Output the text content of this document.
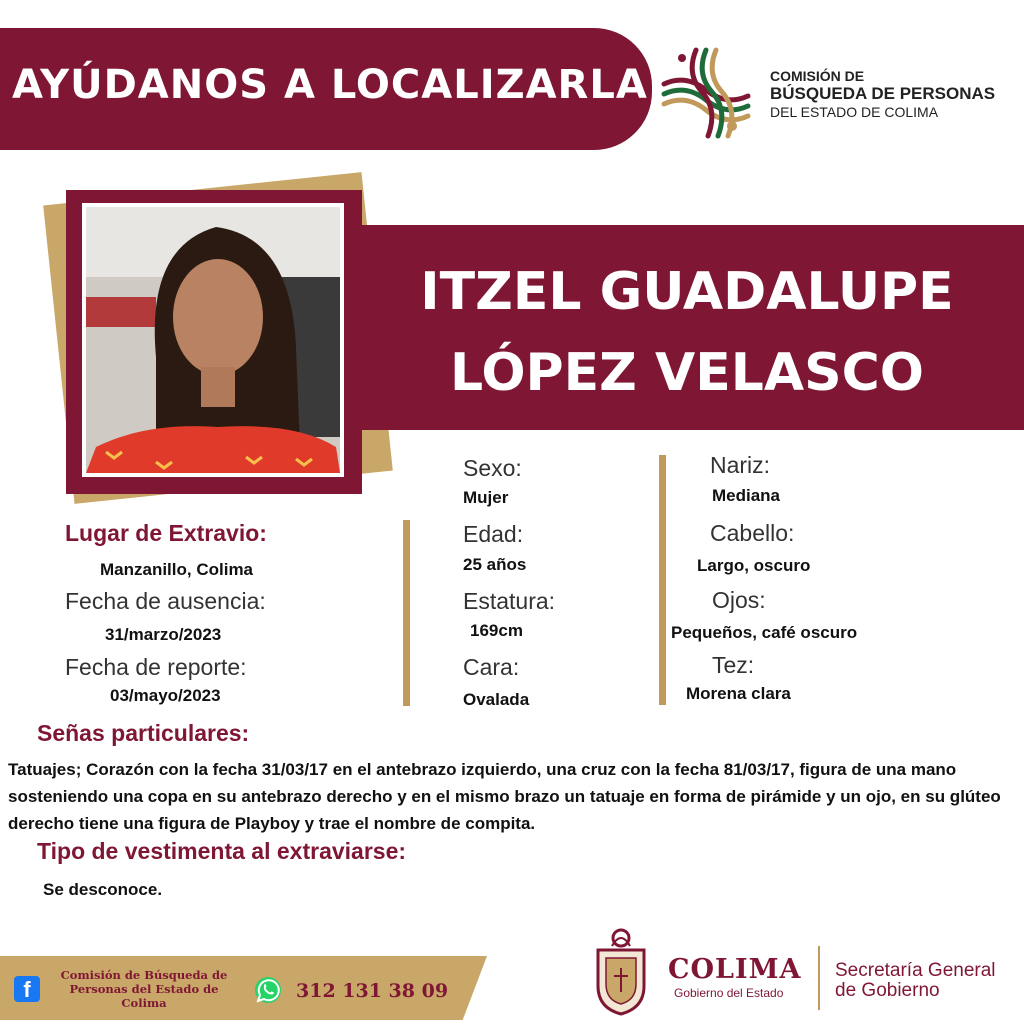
AYÚDANOS A LOCALIZARLA	COMISIÓN DE
BÚSQUEDA DE PERSONAS
DEL ESTADO DE COLIMA
ITZEL GUADALUPE
LÓPEZ VELASCO
Lugar de Extravio:
Manzanillo, Colima
Fecha de ausencia:
31/marzo/2023
Fecha de reporte:
03/mayo/2023
Sexo:
Mujer
Edad:
25 años
Estatura:
169cm
Cara:
Ovalada
Nariz:
Mediana
Cabello:
Largo, oscuro
Ojos:
Pequeños, café oscuro
Tez:
Morena clara
Señas particulares:
Tatuajes; Corazón con la fecha 31/03/17 en el antebrazo izquierdo, una cruz con la fecha 81/03/17, figura de una mano sosteniendo una copa en su antebrazo derecho y en el mismo brazo un tatuaje en forma de pirámide y un ojo, en su glúteo derecho tiene una figura de Playboy y trae el nombre de compita.
Tipo de vestimenta al extraviarse:
Se desconoce.
f
Comisión de Búsqueda de
Personas del Estado de
Colima
312 131 38 09
COLIMA
Gobierno del Estado
Secretaría General
de Gobierno
